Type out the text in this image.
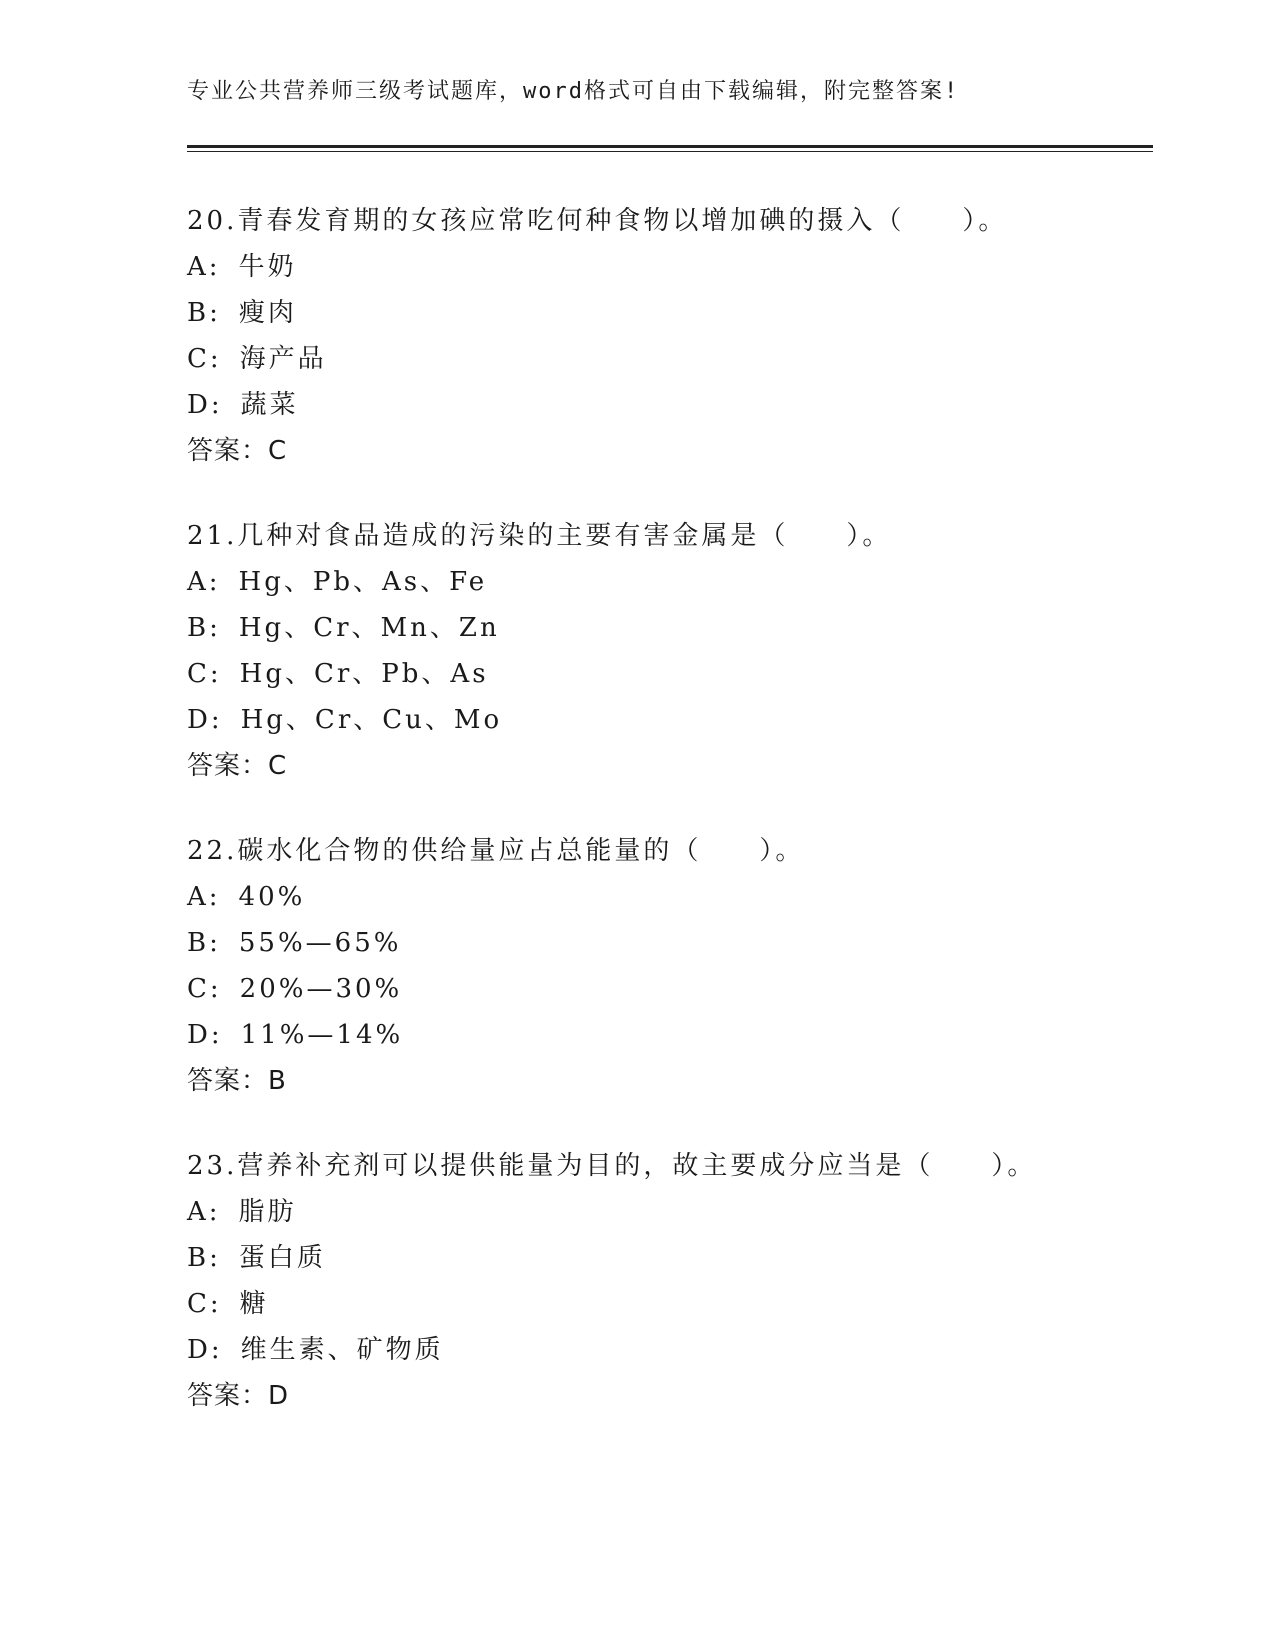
专业公共营养师三级考试题库，word格式可自由下载编辑，附完整答案!
20.青春发育期的女孩应常吃何种食物以增加碘的摄入（　　）。
A: 牛奶
B: 瘦肉
C: 海产品
D: 蔬菜
答案：C
21.几种对食品造成的污染的主要有害金属是（　　）。
A: Hg、Pb、As、Fe
B: Hg、Cr、Mn、Zn
C: Hg、Cr、Pb、As
D: Hg、Cr、Cu、Mo
答案：C
22.碳水化合物的供给量应占总能量的（　　）。
A: 40%
B: 55%—65%
C: 20%—30%
D: 11%—14%
答案：B
23.营养补充剂可以提供能量为目的，故主要成分应当是（　　）。
A: 脂肪
B: 蛋白质
C: 糖
D: 维生素、矿物质
答案：D
